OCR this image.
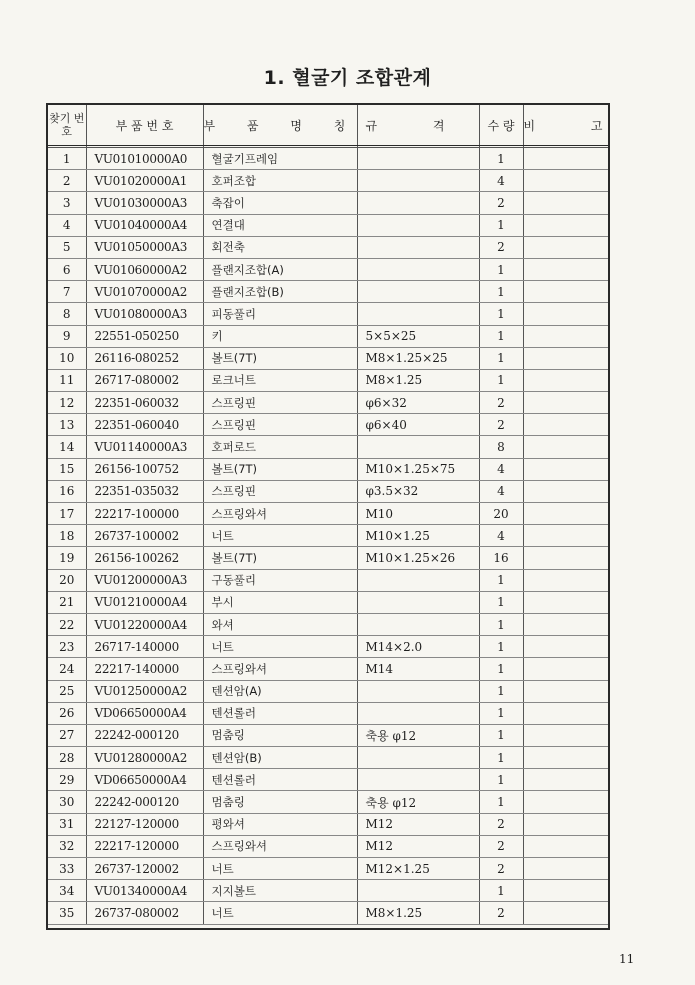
1. 혈굴기 조합관계
찾기 번호	부 품 번 호	부 품 명 칭	규 격	수 량	비 고

1	VU01010000A0	혈굴기프레임		1	
2	VU01020000A1	호퍼조합		4	
3	VU01030000A3	축잡이		2	
4	VU01040000A4	연결대		1	
5	VU01050000A3	회전축		2	
6	VU01060000A2	플랜지조합(A)		1	
7	VU01070000A2	플랜지조합(B)		1	
8	VU01080000A3	피동풀리		1	
9	22551-050250	키	5×5×25	1	
10	26116-080252	볼트(7T)	M8×1.25×25	1	
11	26717-080002	로크너트	M8×1.25	1	
12	22351-060032	스프링핀	φ6×32	2	
13	22351-060040	스프링핀	φ6×40	2	
14	VU01140000A3	호퍼로드		8	
15	26156-100752	볼트(7T)	M10×1.25×75	4	
16	22351-035032	스프링핀	φ3.5×32	4	
17	22217-100000	스프링와셔	M10	20	
18	26737-100002	너트	M10×1.25	4	
19	26156-100262	볼트(7T)	M10×1.25×26	16	
20	VU01200000A3	구동풀리		1	
21	VU01210000A4	부시		1	
22	VU01220000A4	와셔		1	
23	26717-140000	너트	M14×2.0	1	
24	22217-140000	스프링와셔	M14	1	
25	VU01250000A2	텐션암(A)		1	
26	VD06650000A4	텐션롤러		1	
27	22242-000120	멈춤링	축용 φ12	1	
28	VU01280000A2	텐션암(B)		1	
29	VD06650000A4	텐션롤러		1	
30	22242-000120	멈춤링	축용 φ12	1	
31	22127-120000	평와셔	M12	2	
32	22217-120000	스프링와셔	M12	2	
33	26737-120002	너트	M12×1.25	2	
34	VU01340000A4	지지볼트		1	
35	26737-080002	너트	M8×1.25	2	
11
